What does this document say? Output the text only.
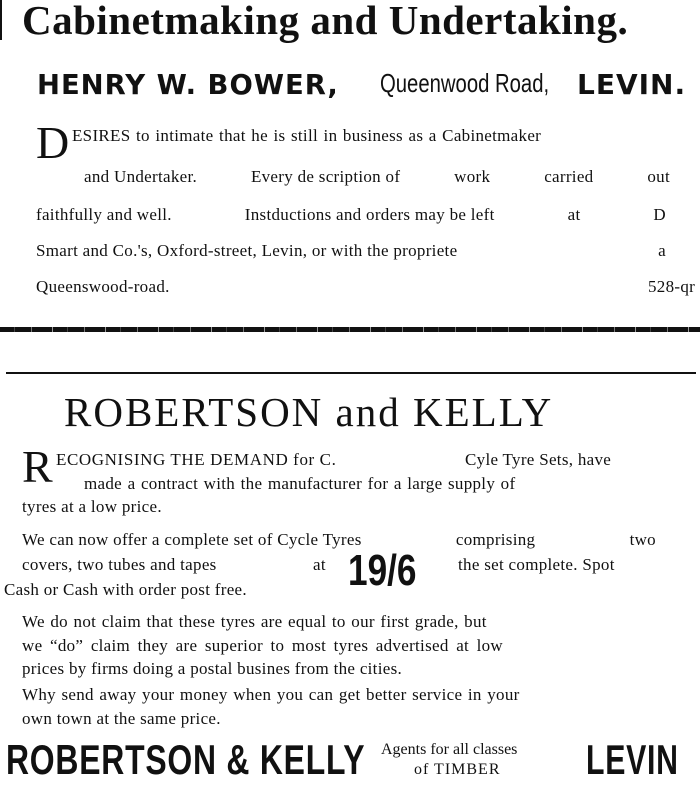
Cabinetmaking and Undertaking.
HENRY W. BOWER, Queenwood Road, LEVIN.
D ESIRES to intimate that he is still in business as a Cabinetmaker
and Undertaker.	Every de scription of	work	carried	out
faithfully and well.	Instductions and orders may be left	at	D
Smart and Co.'s, Oxford-street, Levin, or with the propriete	a
Queenswood-road.	528-qr
ROBERTSON and KELLY
R ECOGNISING THE DEMAND for C.	Cyle Tyre Sets, have
made a contract with the manufacturer for a large supply of
tyres at a low price.
We can now offer a complete set of Cycle Tyres	comprising	two
covers, two tubes and tapes	at 19/6 the set complete. Spot
Cash or Cash with order post free.
We do not claim that these tyres are equal to our first grade, but
we “do” claim they are superior to most tyres advertised at low
prices by firms doing a postal busines from the cities.
Why send away your money when you can get better service in your
own town at the same price.
ROBERTSON & KELLY Agents for all classes
of TIMBER LEVIN
